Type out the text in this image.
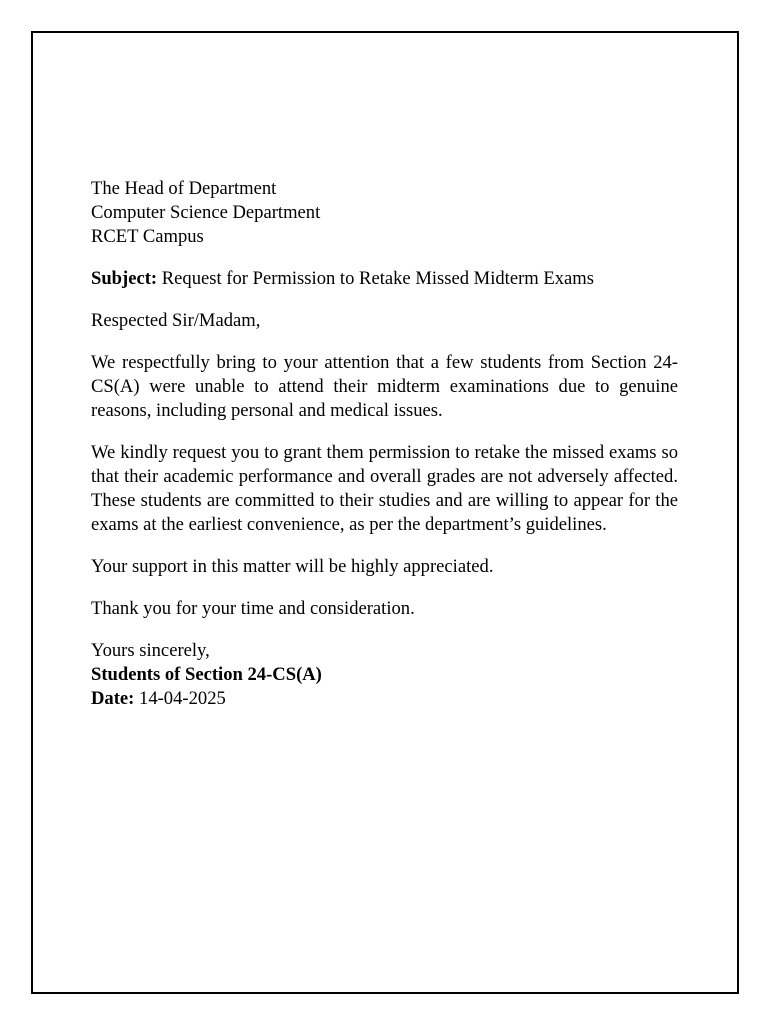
The Head of Department
Computer Science Department
RCET Campus
Subject: Request for Permission to Retake Missed Midterm Exams
Respected Sir/Madam,
We respectfully bring to your attention that a few students from Section 24-CS(A) were unable to attend their midterm examinations due to genuine reasons, including personal and medical issues.
We kindly request you to grant them permission to retake the missed exams so that their academic performance and overall grades are not adversely affected. These students are committed to their studies and are willing to appear for the exams at the earliest convenience, as per the department’s guidelines.
Your support in this matter will be highly appreciated.
Thank you for your time and consideration.
Yours sincerely,
Students of Section 24-CS(A)
Date: 14-04-2025
